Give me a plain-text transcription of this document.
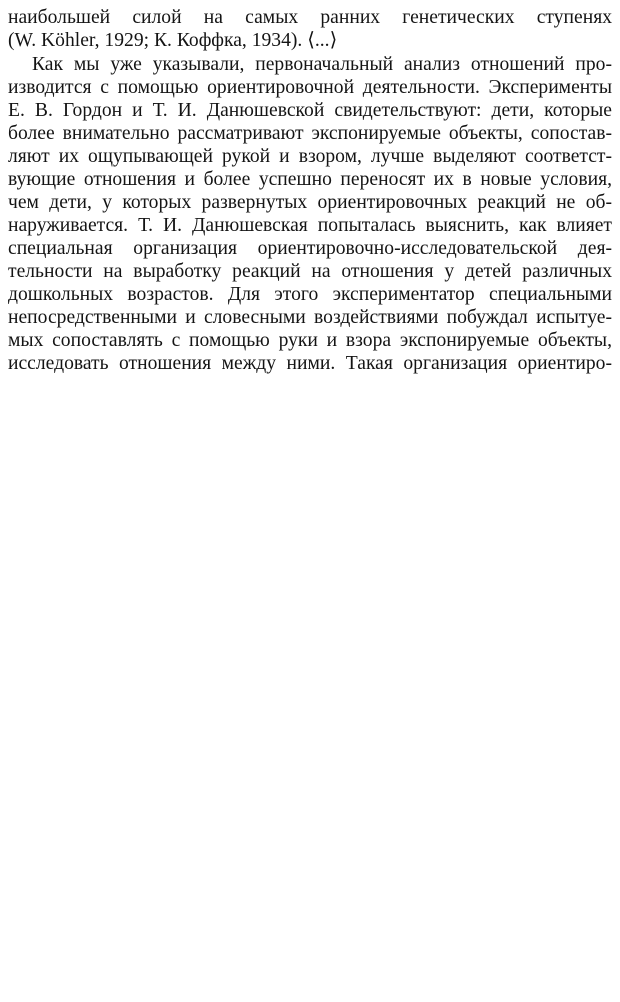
наибольшей силой на самых ранних генетических ступенях
(W. Köhler, 1929; К. Коффка, 1934). ⟨...⟩
Как мы уже указывали, первоначальный анализ отношений про-
изводится с помощью ориентировочной деятельности. Эксперименты
Е. В. Гордон и Т. И. Данюшевской свидетельствуют: дети, которые
более внимательно рассматривают экспонируемые объекты, сопостав-
ляют их ощупывающей рукой и взором, лучше выделяют соответст-
вующие отношения и более успешно переносят их в новые условия,
чем дети, у которых развернутых ориентировочных реакций не об-
наруживается. Т. И. Данюшевская попыталась выяснить, как влияет
специальная организация ориентировочно-исследовательской дея-
тельности на выработку реакций на отношения у детей различных
дошкольных возрастов. Для этого экспериментатор специальными
непосредственными и словесными воздействиями побуждал испытуе-
мых сопоставлять с помощью руки и взора экспонируемые объекты,
исследовать отношения между ними. Такая организация ориентиро-
